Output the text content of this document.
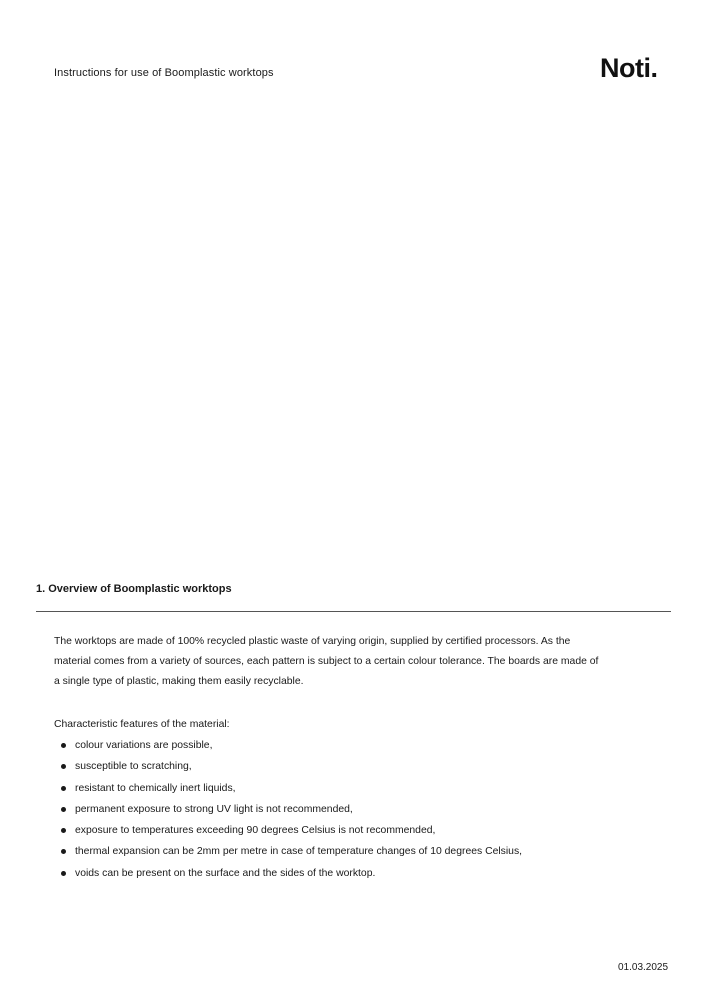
Instructions for use of Boomplastic worktops	Noti.
1. Overview of Boomplastic worktops

The worktops are made of 100% recycled plastic waste of varying origin, supplied by certified processors. As the
material comes from a variety of sources, each pattern is subject to a certain colour tolerance. The boards are made of
a single type of plastic, making them easily recyclable.

Characteristic features of the material:
colour variations are possible,
susceptible to scratching,
resistant to chemically inert liquids,
permanent exposure to strong UV light is not recommended,
exposure to temperatures exceeding 90 degrees Celsius is not recommended,
thermal expansion can be 2mm per metre in case of temperature changes of 10 degrees Celsius,
voids can be present on the surface and the sides of the worktop.
01.03.2025
